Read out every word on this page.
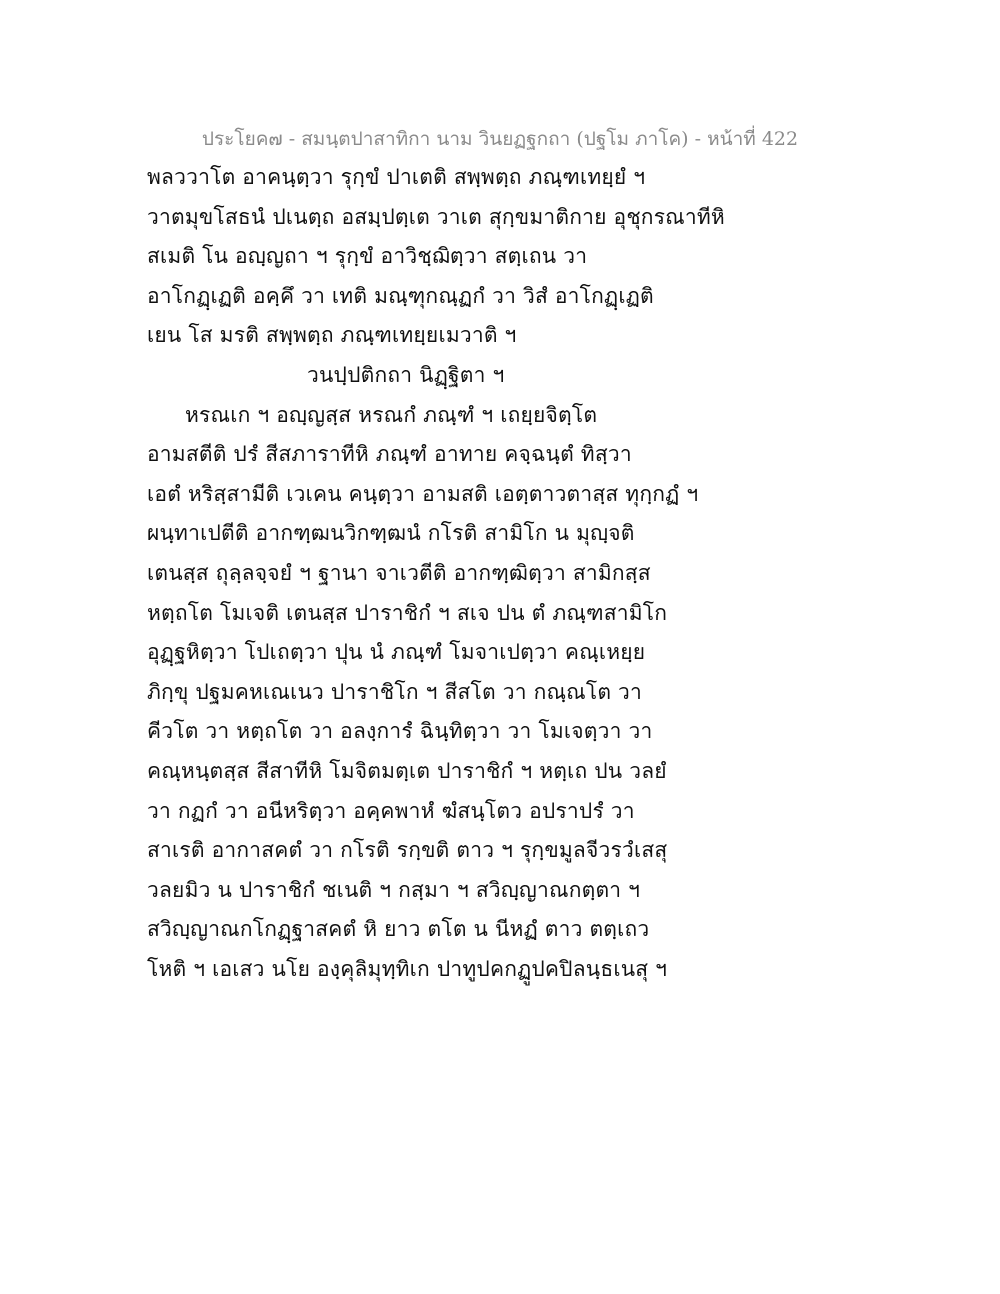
ประโยค๗ - สมนฺตปาสาทิกา นาม วินยฏฐกถา (ปฐโม ภาโค) - หน้าที่ 422
พลววาโต อาคนฺตฺวา รุกฺขํ ปาเตติ สพฺพตฺถ ภณฺฑเทยฺยํ ฯ
วาตมุขโสธนํ ปเนตฺถ อสมฺปตฺเต วาเต สุกฺขมาติกาย อุชุกรณาทีหิ
สเมติ โน อญฺญถา ฯ รุกฺขํ อาวิชฺฌิตฺวา สตฺเถน วา
อาโกฏฺเฏติ อคฺคึ วา เทติ มณฺฑุกณฺฏกํ วา วิสํ อาโกฏฺเฏติ
เยน โส มรติ สพฺพตฺถ ภณฺฑเทยฺยเมวาติ ฯ
วนปฺปติกถา นิฏฺฐิตา ฯ
หรณเก ฯ อญฺญสฺส หรณกํ ภณฺฑํ ฯ เถยฺยจิตฺโต
อามสตีติ ปรํ สีสภาราทีหิ ภณฺฑํ อาทาย คจฺฉนฺตํ ทิสฺวา
เอตํ หริสฺสามีติ เวเคน คนฺตฺวา อามสติ เอตฺตาวตาสฺส ทุกฺกฏํ ฯ
ผนฺทาเปตีติ อากฑฺฒนวิกฑฺฒนํ กโรติ สามิโก น มุญฺจติ
เตนสฺส ถุลฺลจฺจยํ ฯ ฐานา จาเวตีติ อากฑฺฒิตฺวา สามิกสฺส
หตฺถโต โมเจติ เตนสฺส ปาราชิกํ ฯ สเจ ปน ตํ ภณฺฑสามิโก
อุฏฺฐหิตฺวา โปเถตฺวา ปุน นํ ภณฺฑํ โมจาเปตฺวา คณฺเหยฺย
ภิกฺขุ ปฐมคหเณเนว ปาราชิโก ฯ สีสโต วา กณฺณโต วา
คีวโต วา หตฺถโต วา อลงฺการํ ฉินฺทิตฺวา วา โมเจตฺวา วา
คณฺหนฺตสฺส สีสาทีหิ โมจิตมตฺเต ปาราชิกํ ฯ หตฺเถ ปน วลยํ
วา กฏกํ วา อนีหริตฺวา อคฺคพาหํ ฆํสนฺโตว อปราปรํ วา
สาเรติ อากาสคตํ วา กโรติ รกฺขติ ตาว ฯ รุกฺขมูลจีวรวํเสสุ
วลยมิว น ปาราชิกํ ชเนติ ฯ กสฺมา ฯ สวิญฺญาณกตฺตา ฯ
สวิญฺญาณกโกฏฺฐาสคตํ หิ ยาว ตโต น นีหฏํ ตาว ตตฺเถว
โหติ ฯ เอเสว นโย องฺคุลิมุทฺทิเก ปาทูปคกฏูปคปิลนฺธเนสุ ฯ
